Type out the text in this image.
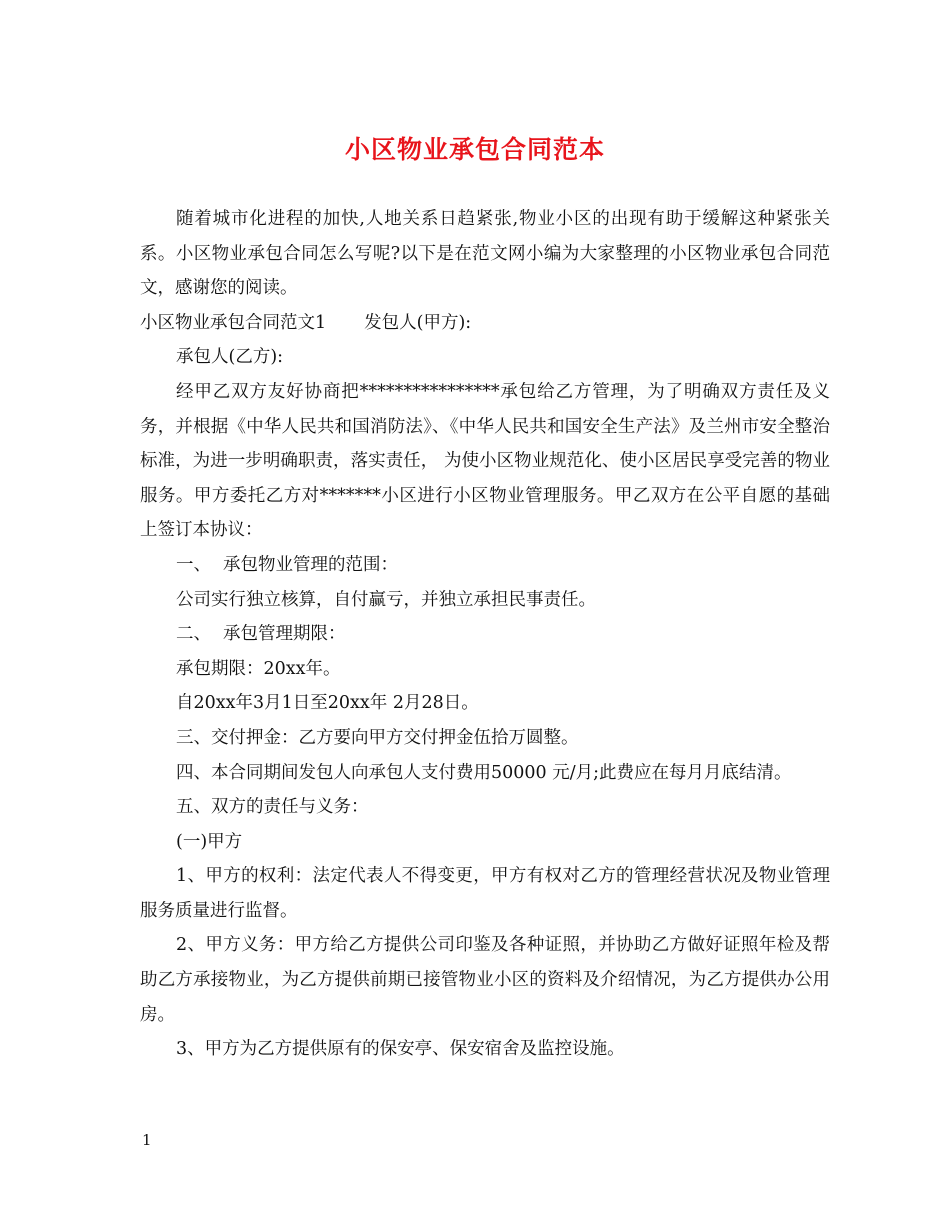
小区物业承包合同范本

随着城市化进程的加快,人地关系日趋紧张,物业小区的出现有助于缓解这种紧张关系。小区物业承包合同怎么写呢?以下是在范文网小编为大家整理的小区物业承包合同范文，感谢您的阅读。

小区物业承包合同范文1 发包人(甲方):

承包人(乙方):

经甲乙双方友好协商把****************承包给乙方管理，为了明确双方责任及义务，并根据《中华人民共和国消防法》、《中华人民共和国安全生产法》及兰州市安全整治标准，为进一步明确职责，落实责任， 为使小区物业规范化、使小区居民享受完善的物业服务。甲方委托乙方对*******小区进行小区物业管理服务。甲乙双方在公平自愿的基础上签订本协议：

一、 承包物业管理的范围：

公司实行独立核算，自付赢亏，并独立承担民事责任。

二、 承包管理期限：

承包期限：20xx年。

自20xx年3月1日至20xx年 2月28日。

三、交付押金：乙方要向甲方交付押金伍拾万圆整。

四、本合同期间发包人向承包人支付费用50000 元/月;此费应在每月月底结清。

五、双方的责任与义务：

(一)甲方

1、甲方的权利：法定代表人不得变更，甲方有权对乙方的管理经营状况及物业管理服务质量进行监督。

2、甲方义务：甲方给乙方提供公司印鉴及各种证照，并协助乙方做好证照年检及帮助乙方承接物业，为乙方提供前期已接管物业小区的资料及介绍情况，为乙方提供办公用房。

3、甲方为乙方提供原有的保安亭、保安宿舍及监控设施。

1
